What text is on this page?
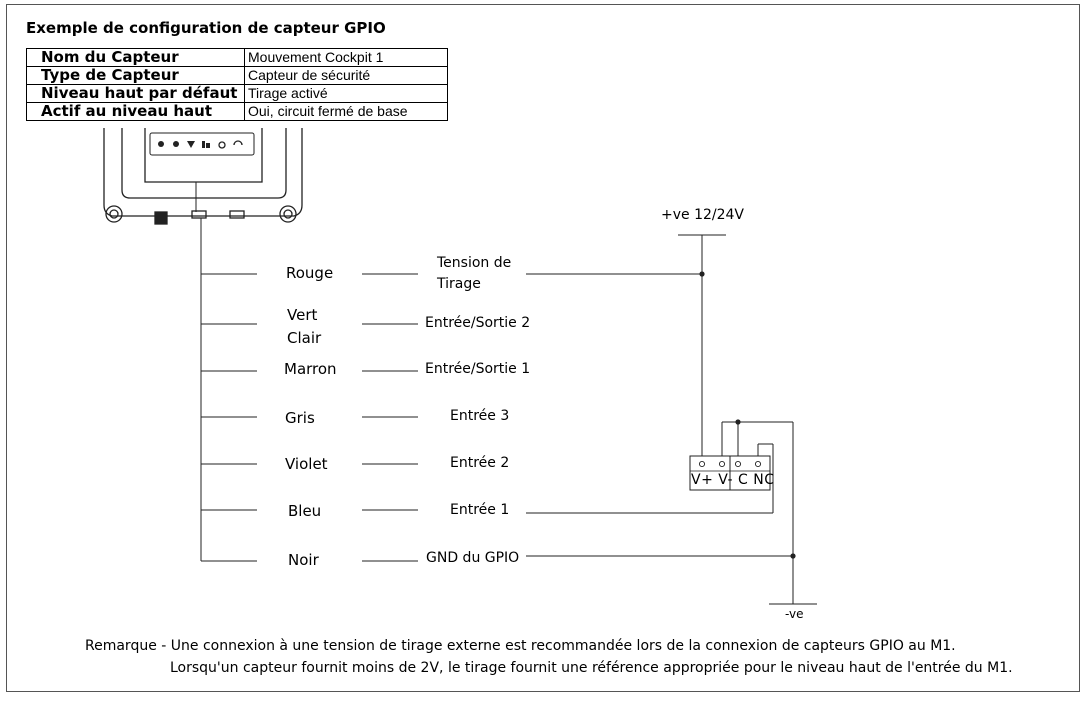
Exemple de configuration de capteur GPIO
Nom du Capteur	Mouvement Cockpit 1
Type de Capteur	Capteur de sécurité
Niveau haut par défaut	Tirage activé
Actif au niveau haut	Oui, circuit fermé de base
Rouge
Vert
Clair
Marron
Gris
Violet
Bleu
Noir
Tension de
Tirage
Entrée/Sortie 2
Entrée/Sortie 1
Entrée 3
Entrée 2
Entrée 1
GND du GPIO
+ve 12/24V
-ve
V+ V- C NC
Remarque - Une connexion à une tension de tirage externe est recommandée lors de la connexion de capteurs GPIO au M1.
Lorsqu'un capteur fournit moins de 2V, le tirage fournit une référence appropriée pour le niveau haut de l'entrée du M1.
